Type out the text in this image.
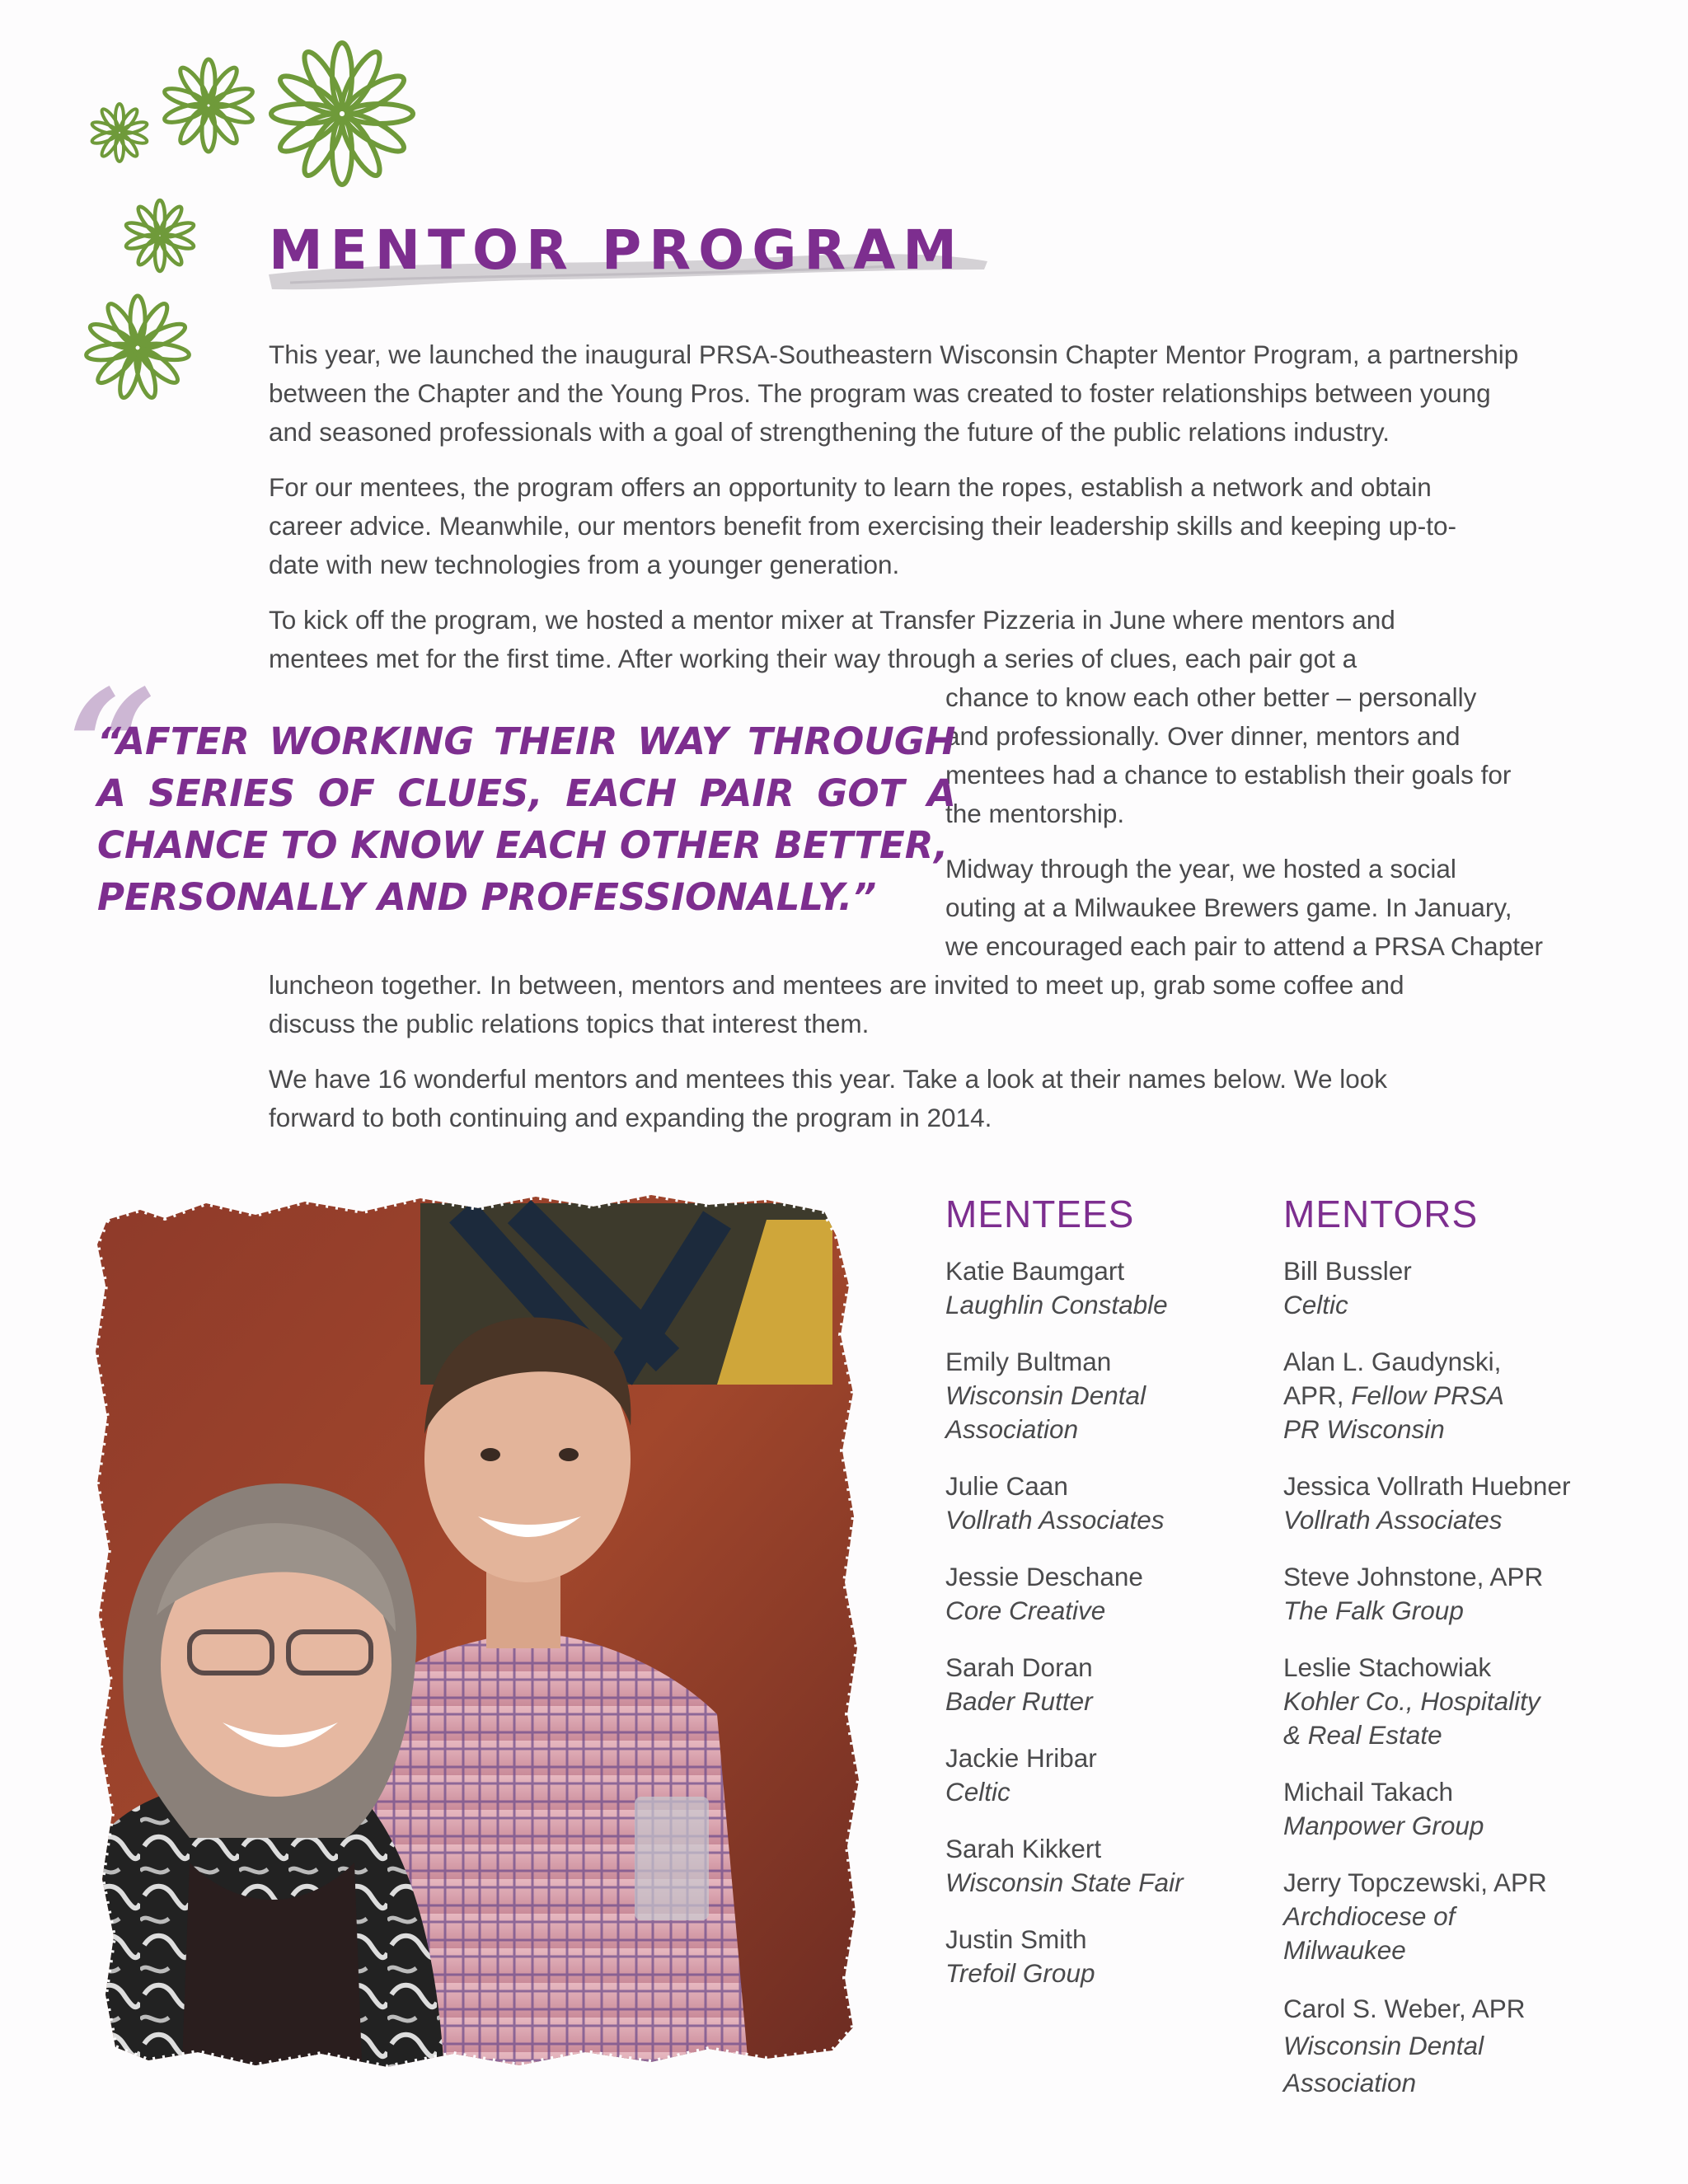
MENTOR PROGRAM

This year, we launched the inaugural PRSA-Southeastern Wisconsin Chapter Mentor Program, a partnership

between the Chapter and the Young Pros. The program was created to foster relationships between young

and seasoned professionals with a goal of strengthening the future of the public relations industry.

For our mentees, the program offers an opportunity to learn the ropes, establish a network and obtain

career advice. Meanwhile, our mentors benefit from exercising their leadership skills and keeping up-to-

date with new technologies from a younger generation.

To kick off the program, we hosted a mentor mixer at Transfer Pizzeria in June where mentors and

mentees met for the first time. After working their way through a series of clues, each pair got a

chance to know each other better – personally

and professionally. Over dinner, mentors and

mentees had a chance to establish their goals for

the mentorship.

Midway through the year, we hosted a social

outing at a Milwaukee Brewers game. In January,

we encouraged each pair to attend a PRSA Chapter

luncheon together. In between, mentors and mentees are invited to meet up, grab some coffee and

discuss the public relations topics that interest them.

We have 16 wonderful mentors and mentees this year. Take a look at their names below. We look

forward to both continuing and expanding the program in 2014.

“

“AFTER WORKING THEIR WAY THROUGH
A SERIES OF CLUES, EACH PAIR GOT A
CHANCE TO KNOW EACH OTHER BETTER,
PERSONALLY AND PROFESSIONALLY.”

MENTEES
Katie Baumgart
Laughlin Constable
Emily Bultman
Wisconsin Dental Association
Julie Caan
Vollrath Associates
Jessie Deschane
Core Creative
Sarah Doran
Bader Rutter
Jackie Hribar
Celtic
Sarah Kikkert
Wisconsin State Fair
Justin Smith
Trefoil Group
MENTORS
Bill Bussler
Celtic
Alan L. Gaudynski,
APR, Fellow PRSA
PR Wisconsin
Jessica Vollrath Huebner
Vollrath Associates
Steve Johnstone, APR
The Falk Group
Leslie Stachowiak
Kohler Co., Hospitality & Real Estate
Michail Takach
Manpower Group
Jerry Topczewski, APR
Archdiocese of Milwaukee
Carol S. Weber, APR
Wisconsin Dental Association
